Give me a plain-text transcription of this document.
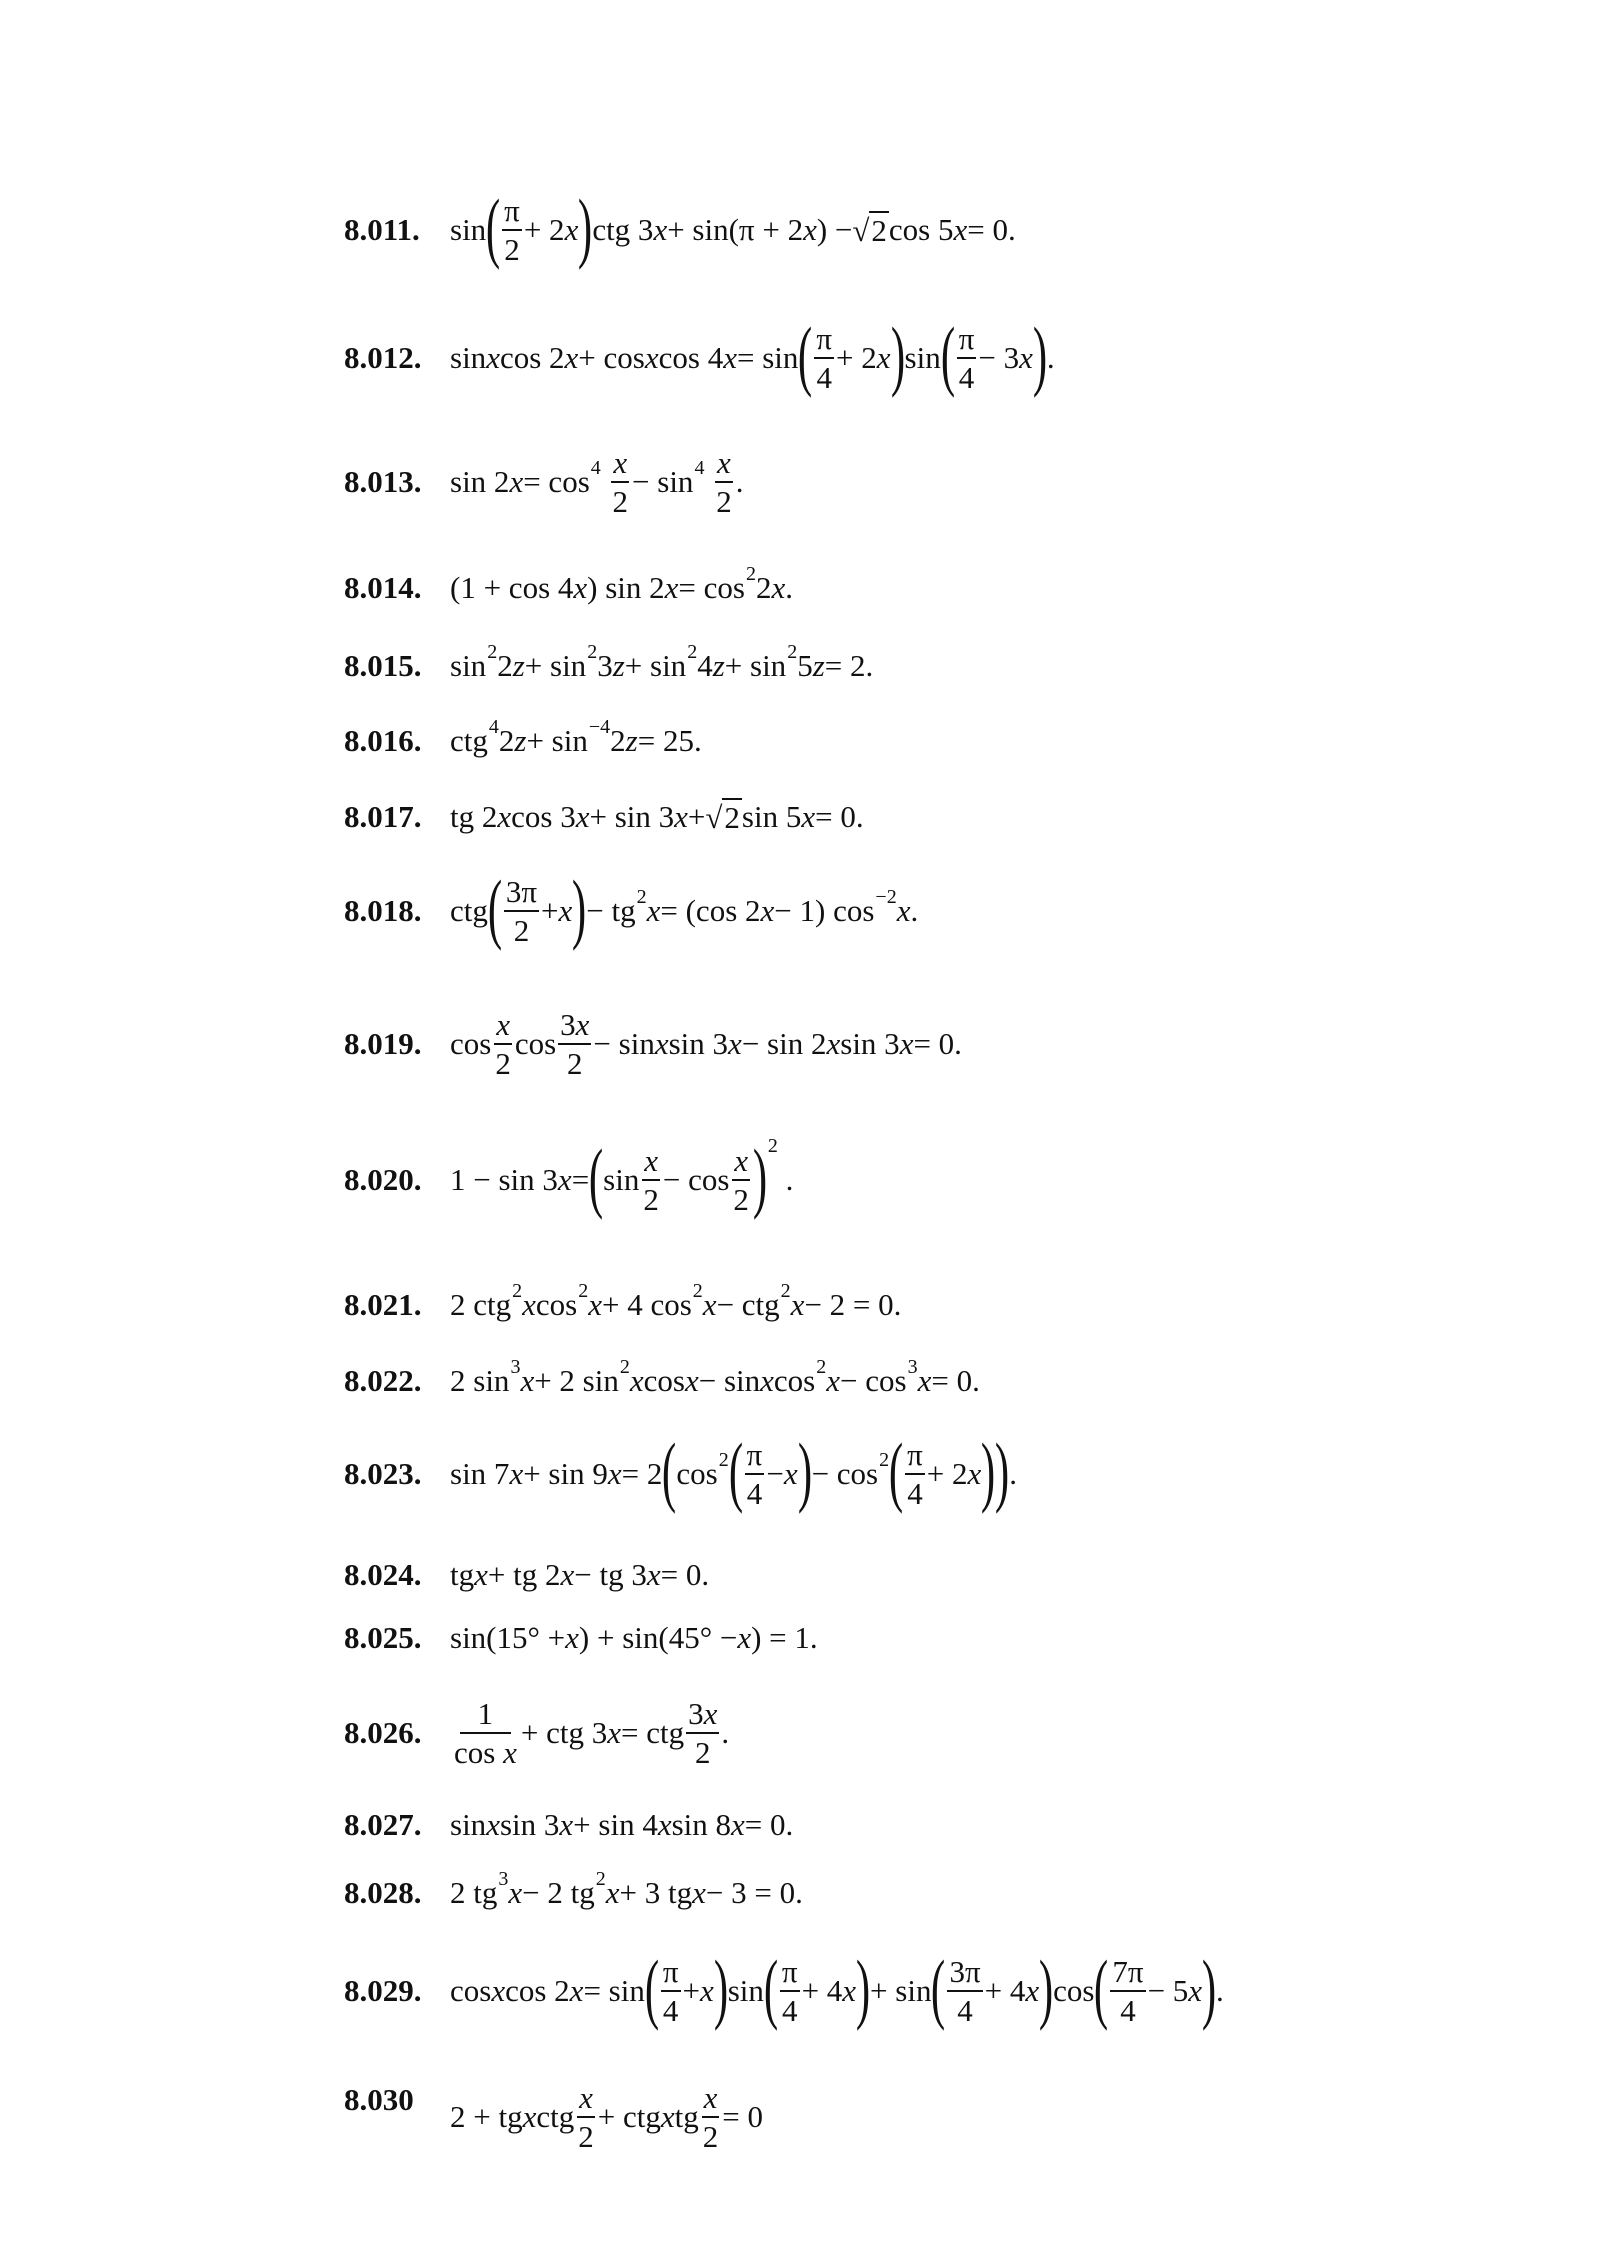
8.011. sin ( $\frac{\pi}{2} + 2$ x ) ctg 3 x + sin(π + 2 x ) − √ 2 cos 5 x = 0.
8.012. sin x cos 2 x + cos x cos 4 x = sin ( $\frac{\pi}{4} + 2$ x ) sin ( $\frac{\pi}{4} - 3$ x ) .
8.013. sin 2 x = cos 4
$\frac{x}{2} - \sin 4$
$\frac{x}{2}$ .
8.014. (1 + cos 4 x ) sin 2 x = cos 2 2 x .
8.015. sin 2 2 z + sin 2 3 z + sin 2 4 z + sin 2 5 z = 2.
8.016. ctg 4 2 z + sin −4 2 z = 25.
8.017. tg 2 x cos 3 x + sin 3 x + √ 2 sin 5 x = 0.
8.018. ctg ( $\frac{3\pi}{2} + x$ ) − tg 2 x = (cos 2 x − 1) cos −2 x .
8.019. $\cos \frac{x}{2}$ $\cos \frac{3x}{2} - \sin x$ sin 3 x − sin 2 x sin 3 x = 0.
8.020. 1 − sin 3 x = ( $\sin \frac{x}{2} - \cos \frac{x}{2}$ ) 2
.
8.021. 2 ctg 2 x cos 2 x + 4 cos 2 x − ctg 2 x − 2 = 0.
8.022. 2 sin 3 x + 2 sin 2 x cos x − sin x cos 2 x − cos 3 x = 0.
8.023. sin 7 x + sin 9 x = 2 ( cos 2 ( $\frac{\pi}{4} - x$ ) − cos 2 ( $\frac{\pi}{4} + 2$ x ) ) .
8.024. tg x + tg 2 x − tg 3 x = 0.
8.025. sin(15° + x ) + sin(45° − x ) = 1.
8.026. $\frac{1}{\text{cos x}}$ + ctg 3 x = ctg $\frac{3x}{2}$ .
8.027. sin x sin 3 x + sin 4 x sin 8 x = 0.
8.028. 2 tg 3 x − 2 tg 2 x + 3 tg x − 3 = 0.
8.029. cos x cos 2 x = sin ( $\frac{\pi}{4} + x$ ) sin ( $\frac{\pi}{4} + 4$ x ) + sin ( $\frac{3\pi}{4} + 4$ x ) cos ( $\frac{7\pi}{4} - 5$ x ) .
8.030	2 + tg x ctg $\frac{x}{2}$ + ctg x tg $\frac{x}{2} = 0$
